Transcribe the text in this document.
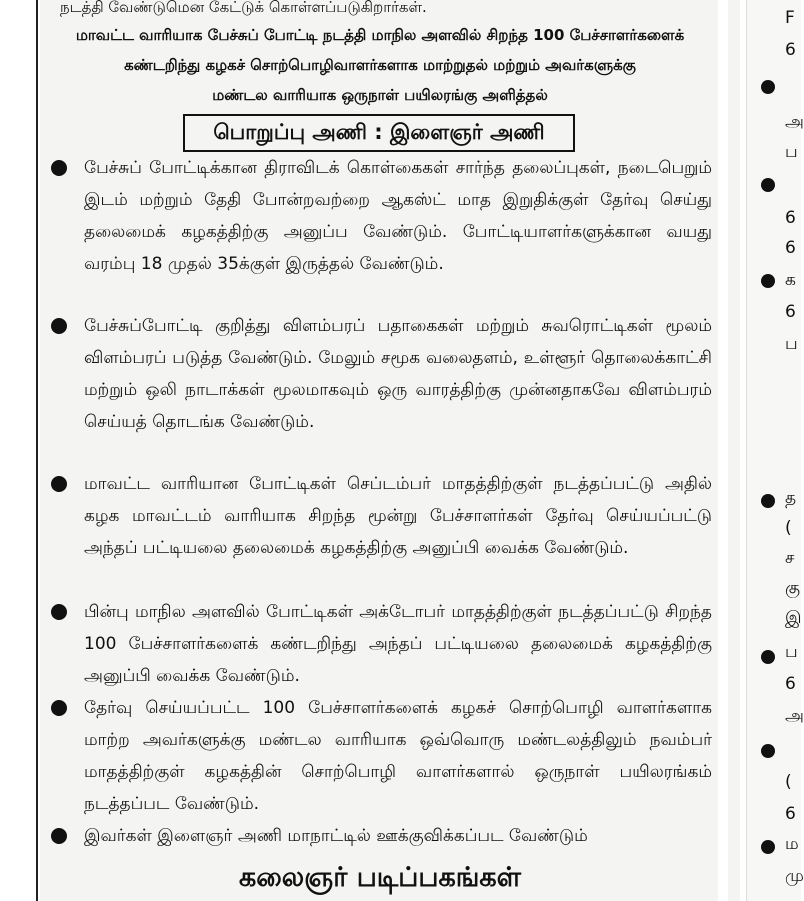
நடத்தி வேண்டுமென கேட்டுக் கொள்ளப்படுகிறார்கள்.
மாவட்ட வாரியாக பேச்சுப் போட்டி நடத்தி மாநில அளவில் சிறந்த 100 பேச்சாளர்களைக்
கண்டறிந்து கழகச் சொற்பொழிவாளர்களாக மாற்றுதல் மற்றும் அவர்களுக்கு
மண்டல வாரியாக ஒருநாள் பயிலரங்கு அளித்தல்
பொறுப்பு அணி : இளைஞர் அணி
பேச்சுப் போட்டிக்கான திராவிடக் கொள்கைகள் சார்ந்த தலைப்புகள், நடைபெறும் இடம் மற்றும் தேதி போன்றவற்றை ஆகஸ்ட் மாத இறுதிக்குள் தேர்வு செய்து தலைமைக் கழகத்திற்கு அனுப்ப வேண்டும். போட்டியாளர்களுக்கான வயது வரம்பு 18 முதல் 35க்குள் இருத்தல் வேண்டும்.
பேச்சுப்போட்டி குறித்து விளம்பரப் பதாகைகள் மற்றும் சுவரொட்டிகள் மூலம் விளம்பரப் படுத்த வேண்டும். மேலும் சமூக வலைதளம், உள்ளூர் தொலைக்காட்சி மற்றும் ஒலி நாடாக்கள் மூலமாகவும் ஒரு வாரத்திற்கு முன்னதாகவே விளம்பரம் செய்யத் தொடங்க வேண்டும்.
மாவட்ட வாரியான போட்டிகள் செப்டம்பர் மாதத்திற்குள் நடத்தப்பட்டு அதில் கழக மாவட்டம் வாரியாக சிறந்த மூன்று பேச்சாளர்கள் தேர்வு செய்யப்பட்டு அந்தப் பட்டியலை தலைமைக் கழகத்திற்கு அனுப்பி வைக்க வேண்டும்.
பின்பு மாநில அளவில் போட்டிகள் அக்டோபர் மாதத்திற்குள் நடத்தப்பட்டு சிறந்த 100 பேச்சாளர்களைக் கண்டறிந்து அந்தப் பட்டியலை தலைமைக் கழகத்திற்கு அனுப்பி வைக்க வேண்டும்.
தேர்வு செய்யப்பட்ட 100 பேச்சாளர்களைக் கழகச் சொற்பொழி வாளர்களாக மாற்ற அவர்களுக்கு மண்டல வாரியாக ஒவ்வொரு மண்டலத்திலும் நவம்பர் மாதத்திற்குள் கழகத்தின் சொற்பொழி வாளர்களால் ஒருநாள் பயிலரங்கம் நடத்தப்பட வேண்டும்.
இவர்கள் இளைஞர் அணி மாநாட்டில் ஊக்குவிக்கப்பட வேண்டும்
கலைஞர் படிப்பகங்கள்
F
6
அ
ப
6
6
க
6
ப
த
(
ச
கு
இ
ப
6
அ
(
6
ம
மு
